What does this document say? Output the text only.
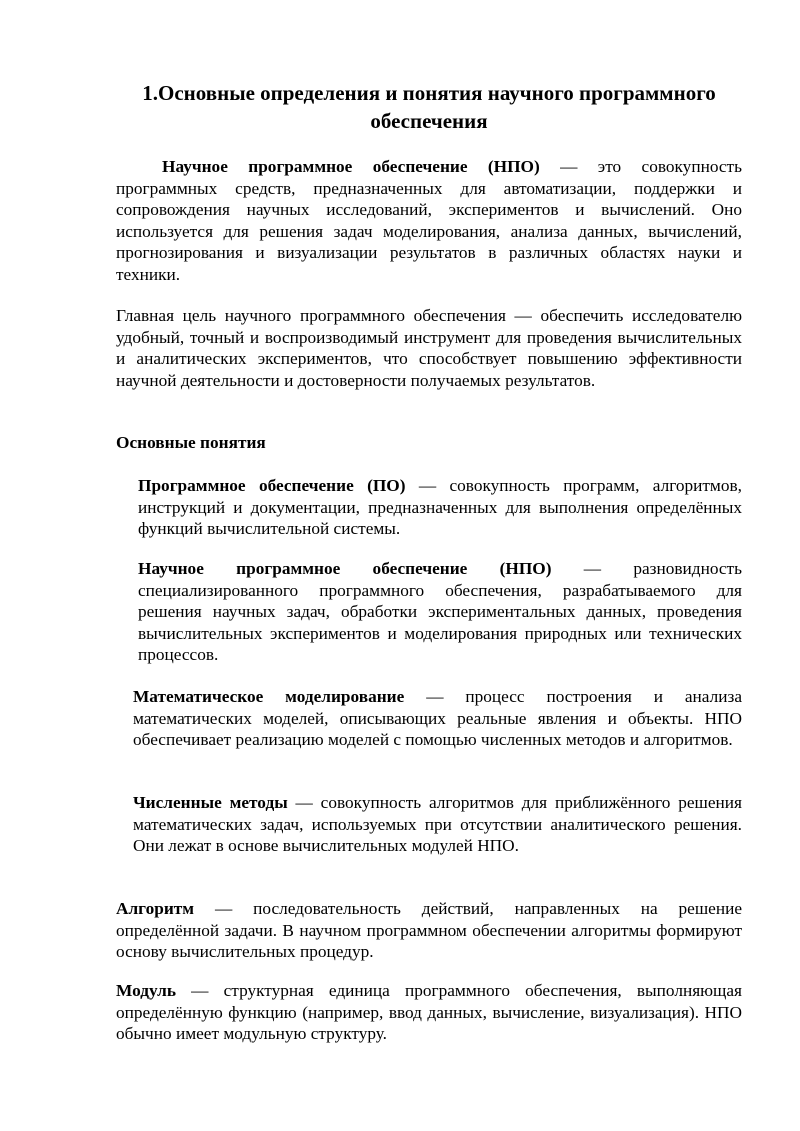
1.Основные определения и понятия научного программного обеспечения

Научное программное обеспечение (НПО) — это совокупность программных средств, предназначенных для автоматизации, поддержки и сопровождения научных исследований, экспериментов и вычислений. Оно используется для решения задач моделирования, анализа данных, вычислений, прогнозирования и визуализации результатов в различных областях науки и техники.

Главная цель научного программного обеспечения — обеспечить исследователю удобный, точный и воспроизводимый инструмент для проведения вычислительных и аналитических экспериментов, что способствует повышению эффективности научной деятельности и достоверности получаемых результатов.

Основные понятия

Программное обеспечение (ПО) — совокупность программ, алгоритмов, инструкций и документации, предназначенных для выполнения определённых функций вычислительной системы.

Научное программное обеспечение (НПО) — разновидность специализированного программного обеспечения, разрабатываемого для решения научных задач, обработки экспериментальных данных, проведения вычислительных экспериментов и моделирования природных или технических процессов.

Математическое моделирование — процесс построения и анализа математических моделей, описывающих реальные явления и объекты. НПО обеспечивает реализацию моделей с помощью численных методов и алгоритмов.

Численные методы — совокупность алгоритмов для приближённого решения математических задач, используемых при отсутствии аналитического решения. Они лежат в основе вычислительных модулей НПО.

Алгоритм — последовательность действий, направленных на решение определённой задачи. В научном программном обеспечении алгоритмы формируют основу вычислительных процедур.

Модуль — структурная единица программного обеспечения, выполняющая определённую функцию (например, ввод данных, вычисление, визуализация). НПО обычно имеет модульную структуру.
